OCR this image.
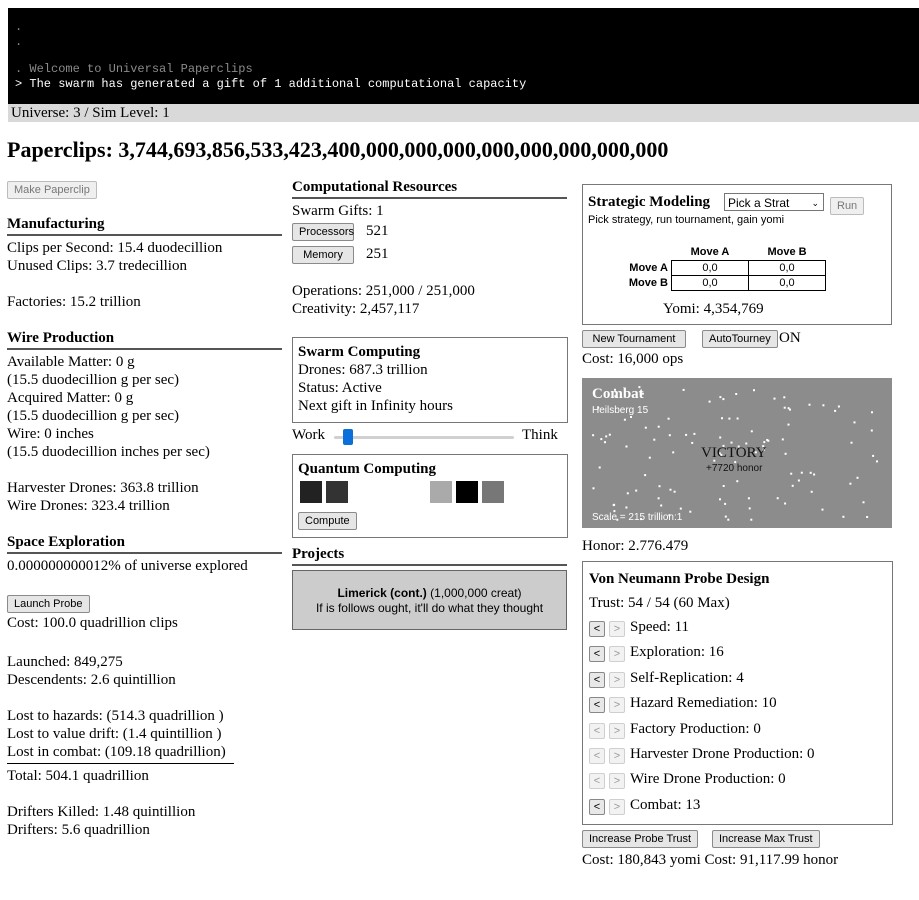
.
.
. Welcome to Universal Paperclips
> The swarm has generated a gift of 1 additional computational capacity
Universe: 3 / Sim Level: 1
Paperclips: 3,744,693,856,533,423,400,000,000,000,000,000,000,000,000
Make Paperclip
Manufacturing
Clips per Second: 15.4 duodecillion
Unused Clips: 3.7 tredecillion
Factories: 15.2 trillion
Wire Production
Available Matter: 0 g
(15.5 duodecillion g per sec)
Acquired Matter: 0 g
(15.5 duodecillion g per sec)
Wire: 0 inches
(15.5 duodecillion inches per sec)
Harvester Drones: 363.8 trillion
Wire Drones: 323.4 trillion
Space Exploration
0.000000000012% of universe explored
Launch Probe
Cost: 100.0 quadrillion clips
Launched: 849,275
Descendents: 2.6 quintillion
Lost to hazards: (514.3 quadrillion )
Lost to value drift: (1.4 quintillion )
Lost in combat: (109.18 quadrillion)
Total: 504.1 quadrillion
Drifters Killed: 1.48 quintillion
Drifters: 5.6 quadrillion
Computational Resources
Swarm Gifts: 1
Processors 521
Memory	251
Operations: 251,000 / 251,000
Creativity: 2,457,117
Swarm Computing
Drones: 687.3 trillion
Status: Active
Next gift in Infinity hours
Work	Think
Quantum Computing
Compute
Projects
Limerick (cont.) (1,000,000 creat)
If is follows ought, it'll do what they thought
Strategic Modeling	Pick a Strat ⌄	Run
Pick strategy, run tournament, gain yomi
	Move A	Move B
Move A	0,0	0,0
Move B	0,0	0,0
Yomi: 4,354,769
New Tournament	AutoTourney ON
Cost: 16,000 ops
Combat
Heilsberg 15
VICTORY
+7720 honor
Scale = 215 trillion:1
Honor: 2.776.479
Von Neumann Probe Design
Trust: 54 / 54 (60 Max)
<	> Speed: 11
<	> Exploration: 16
<	> Self-Replication: 4
<	> Hazard Remediation: 10
<	> Factory Production: 0
<	> Harvester Drone Production: 0
<	> Wire Drone Production: 0
<	> Combat: 13
Increase Probe Trust	Increase Max Trust
Cost: 180,843 yomi Cost: 91,117.99 honor
